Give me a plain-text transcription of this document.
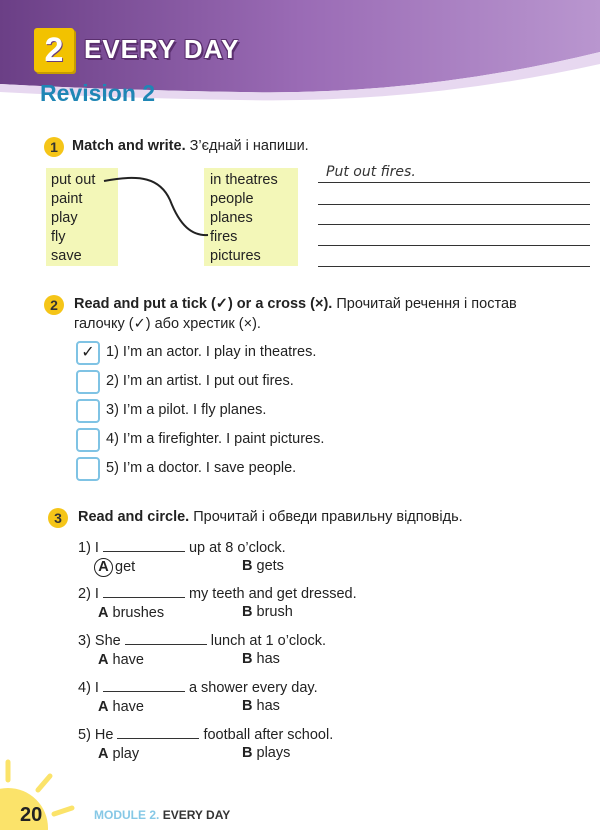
2 EVERY DAY
Revision 2
1 Match and write. З’єднай і напиши.
put out
paint
play
fly
save
in theatres
people
planes
fires
pictures
Put out fires.
2	Read and put a tick (✓) or a cross (×). Прочитай речення і постав
галочку (✓) або хрестик (×).
✓ 1) I’m an actor. I play in theatres.
2) I’m an artist. I put out fires.
3) I’m a pilot. I fly planes.
4) I’m a firefighter. I paint pictures.
5) I’m a doctor. I save people.
3	Read and circle. Прочитай і обведи правильну відповідь.
1) I	up at 8 o’clock.
A get	B gets
2) I	my teeth and get dressed.
A brushes	B brush
3) She	lunch at 1 o’clock.
A have	B has
4) I	a shower every day.
A have	B has
5) He	football after school.
A play	B plays
20	MODULE 2. EVERY DAY
